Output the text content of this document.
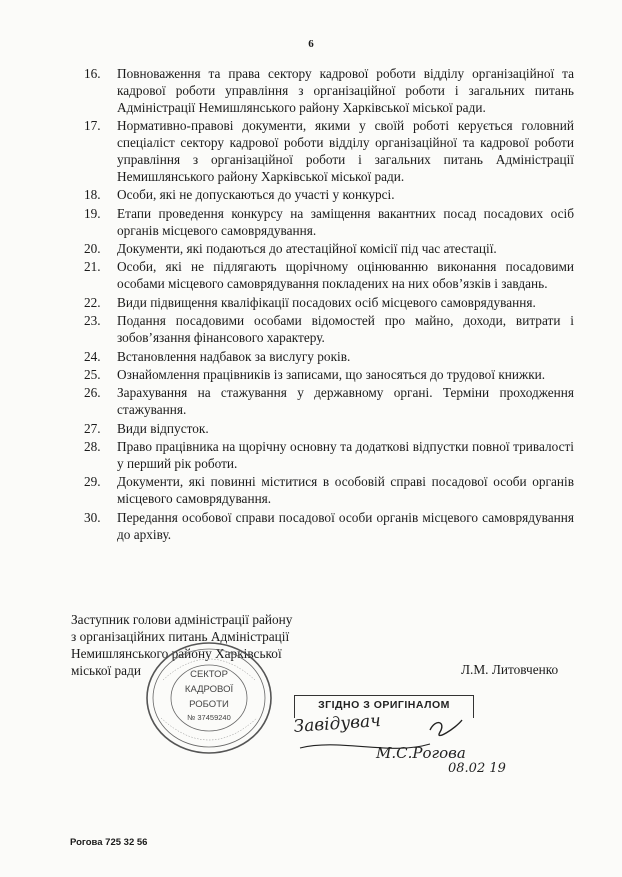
6
16.	Повноваження та права сектору кадрової роботи відділу організаційної та кадрової роботи управління з організаційної роботи і загальних питань Адміністрації Немишлянського району Харківської міської ради.
17.	Нормативно-правові документи, якими у своїй роботі керується головний спеціаліст сектору кадрової роботи відділу організаційної та кадрової роботи управління з організаційної роботи і загальних питань Адміністрації Немишлянського району Харківської міської ради.
18.	Особи, які не допускаються до участі у конкурсі.
19.	Етапи проведення конкурсу на заміщення вакантних посад посадових осіб органів місцевого самоврядування.
20.	Документи, які подаються до атестаційної комісії під час атестації.
21.	Особи, які не підлягають щорічному оцінюванню виконання посадовими особами місцевого самоврядування покладених на них обов’язків і завдань.
22.	Види підвищення кваліфікації посадових осіб місцевого самоврядування.
23.	Подання посадовими особами відомостей про майно, доходи, витрати і зобов’язання фінансового характеру.
24.	Встановлення надбавок за вислугу років.
25.	Ознайомлення працівників із записами, що заносяться до трудової книжки.
26.	Зарахування на стажування у державному органі. Терміни проходження стажування.
27.	Види відпусток.
28.	Право працівника на щорічну основну та додаткові відпустки повної тривалості у перший рік роботи.
29.	Документи, які повинні міститися в особовій справі посадової особи органів місцевого самоврядування.
30.	Передання особової справи посадової особи органів місцевого самоврядування до архіву.
Заступник голови адміністрації району
з організаційних питань Адміністрації
Немишлянського району Харківської
міської ради	Л.М. Литовченко
СЕКТОР
КАДРОВОЇ
РОБОТИ
№ 37459240
ЗГІДНО З ОРИГІНАЛОМ
Завідувач
М.С.Рогова
08.02 19
Рогова 725 32 56
